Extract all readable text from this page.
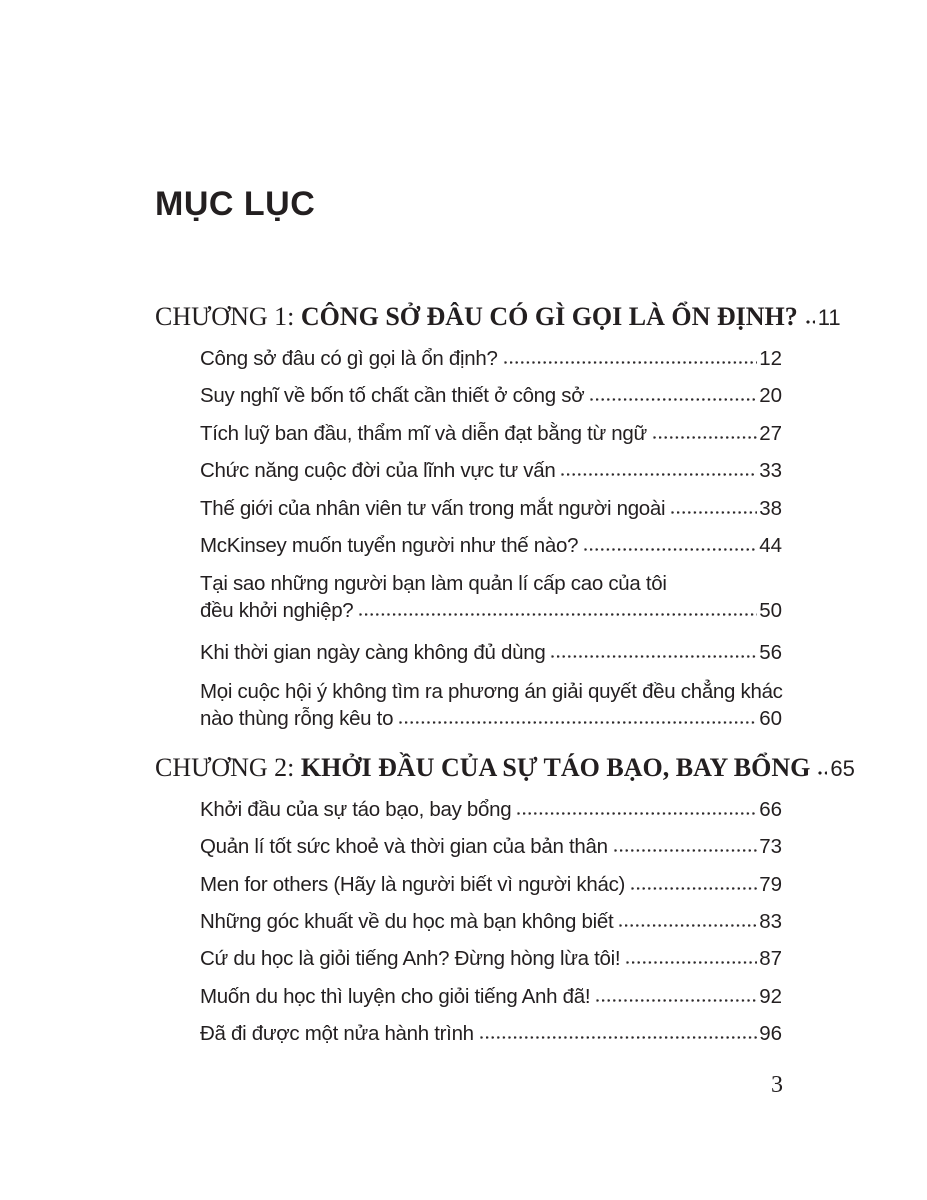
MỤC LỤC
CHƯƠNG 1: CÔNG SỞ ĐÂU CÓ GÌ GỌI LÀ ỔN ĐỊNH? 11
Công sở đâu có gì gọi là ổn định?	12
Suy nghĩ về bốn tố chất cần thiết ở công sở	20
Tích luỹ ban đầu, thẩm mĩ và diễn đạt bằng từ ngữ	27
Chức năng cuộc đời của lĩnh vực tư vấn	33
Thế giới của nhân viên tư vấn trong mắt người ngoài	38
McKinsey muốn tuyển người như thế nào?	44
Tại sao những người bạn làm quản lí cấp cao của tôi
đều khởi nghiệp?	50
Khi thời gian ngày càng không đủ dùng	56
Mọi cuộc hội ý không tìm ra phương án giải quyết đều chẳng khác
nào thùng rỗng kêu to	60
CHƯƠNG 2: KHỞI ĐẦU CỦA SỰ TÁO BẠO, BAY BỔNG 65
Khởi đầu của sự táo bạo, bay bổng	66
Quản lí tốt sức khoẻ và thời gian của bản thân	73
Men for others (Hãy là người biết vì người khác)	79
Những góc khuất về du học mà bạn không biết	83
Cứ du học là giỏi tiếng Anh? Đừng hòng lừa tôi!	87
Muốn du học thì luyện cho giỏi tiếng Anh đã!	92
Đã đi được một nửa hành trình	96
3
